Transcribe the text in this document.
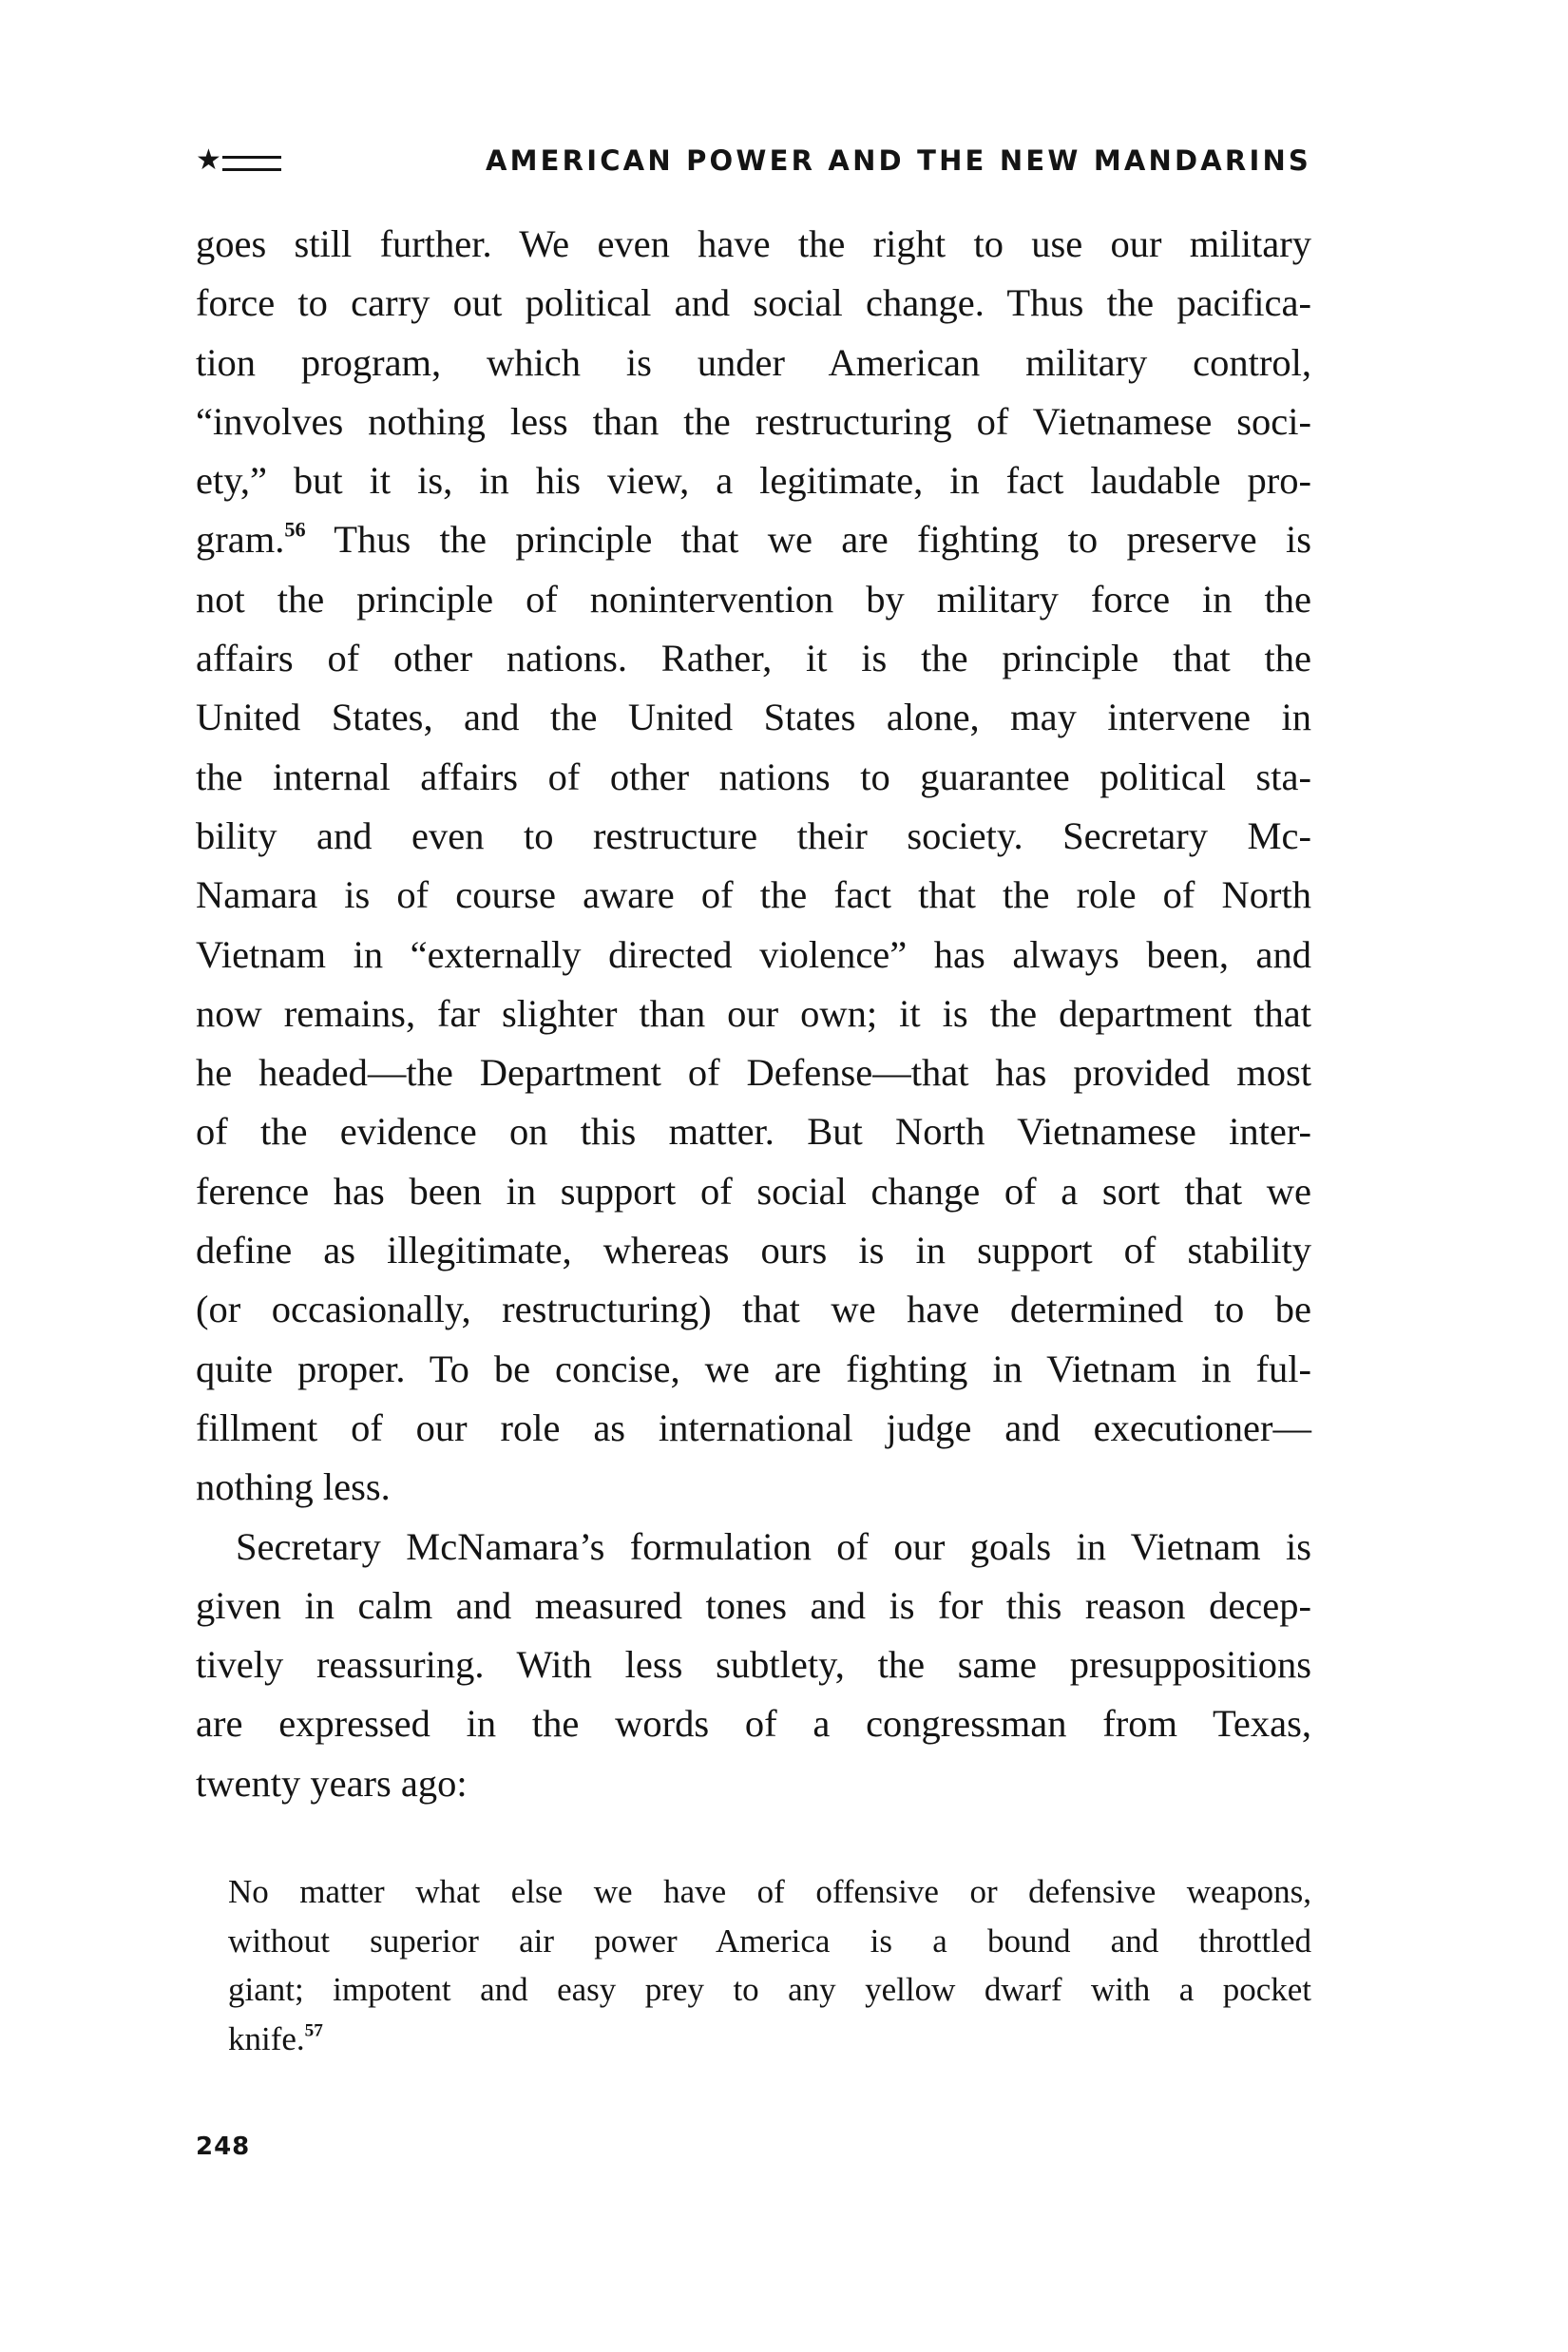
★	AMERICAN POWER AND THE NEW MANDARINS
goes still further. We even have the right to use our military
force to carry out political and social change. Thus the pacifica-
tion program, which is under American military control,
“involves nothing less than the restructuring of Vietnamese soci-
ety,” but it is, in his view, a legitimate, in fact laudable pro-
gram.$^{56}$ Thus the principle that we are fighting to preserve is
not the principle of nonintervention by military force in the
affairs of other nations. Rather, it is the principle that the
United States, and the United States alone, may intervene in
the internal affairs of other nations to guarantee political sta-
bility and even to restructure their society. Secretary Mc-
Namara is of course aware of the fact that the role of North
Vietnam in “externally directed violence” has always been, and
now remains, far slighter than our own; it is the department that
he headed—the Department of Defense—that has provided most
of the evidence on this matter. But North Vietnamese inter-
ference has been in support of social change of a sort that we
define as illegitimate, whereas ours is in support of stability
(or occasionally, restructuring) that we have determined to be
quite proper. To be concise, we are fighting in Vietnam in ful-
fillment of our role as international judge and executioner—
nothing less.
Secretary McNamara’s formulation of our goals in Vietnam is
given in calm and measured tones and is for this reason decep-
tively reassuring. With less subtlety, the same presuppositions
are expressed in the words of a congressman from Texas,
twenty years ago:
No matter what else we have of offensive or defensive weapons,
without superior air power America is a bound and throttled
giant; impotent and easy prey to any yellow dwarf with a pocket
knife.$^{57}$
248
